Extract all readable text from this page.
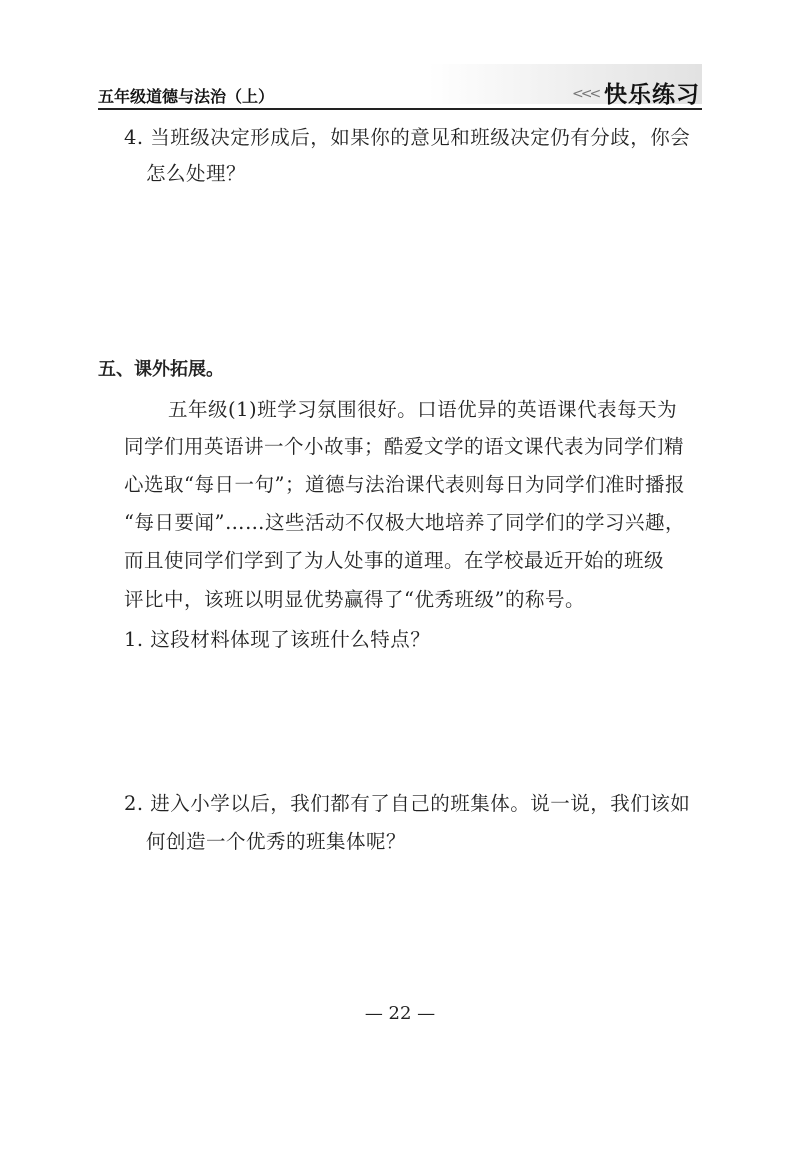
五年级道德与法治（上）	<<< 快乐练习
4. 当班级决定形成后，如果你的意见和班级决定仍有分歧，你会
怎么处理？
五、课外拓展。
五年级(1)班学习氛围很好。口语优异的英语课代表每天为
同学们用英语讲一个小故事；酷爱文学的语文课代表为同学们精
心选取“每日一句”；道德与法治课代表则每日为同学们准时播报
“每日要闻”……这些活动不仅极大地培养了同学们的学习兴趣，
而且使同学们学到了为人处事的道理。在学校最近开始的班级
评比中，该班以明显优势赢得了“优秀班级”的称号。
1. 这段材料体现了该班什么特点？
2. 进入小学以后，我们都有了自己的班集体。说一说，我们该如
何创造一个优秀的班集体呢？
— 22 —
